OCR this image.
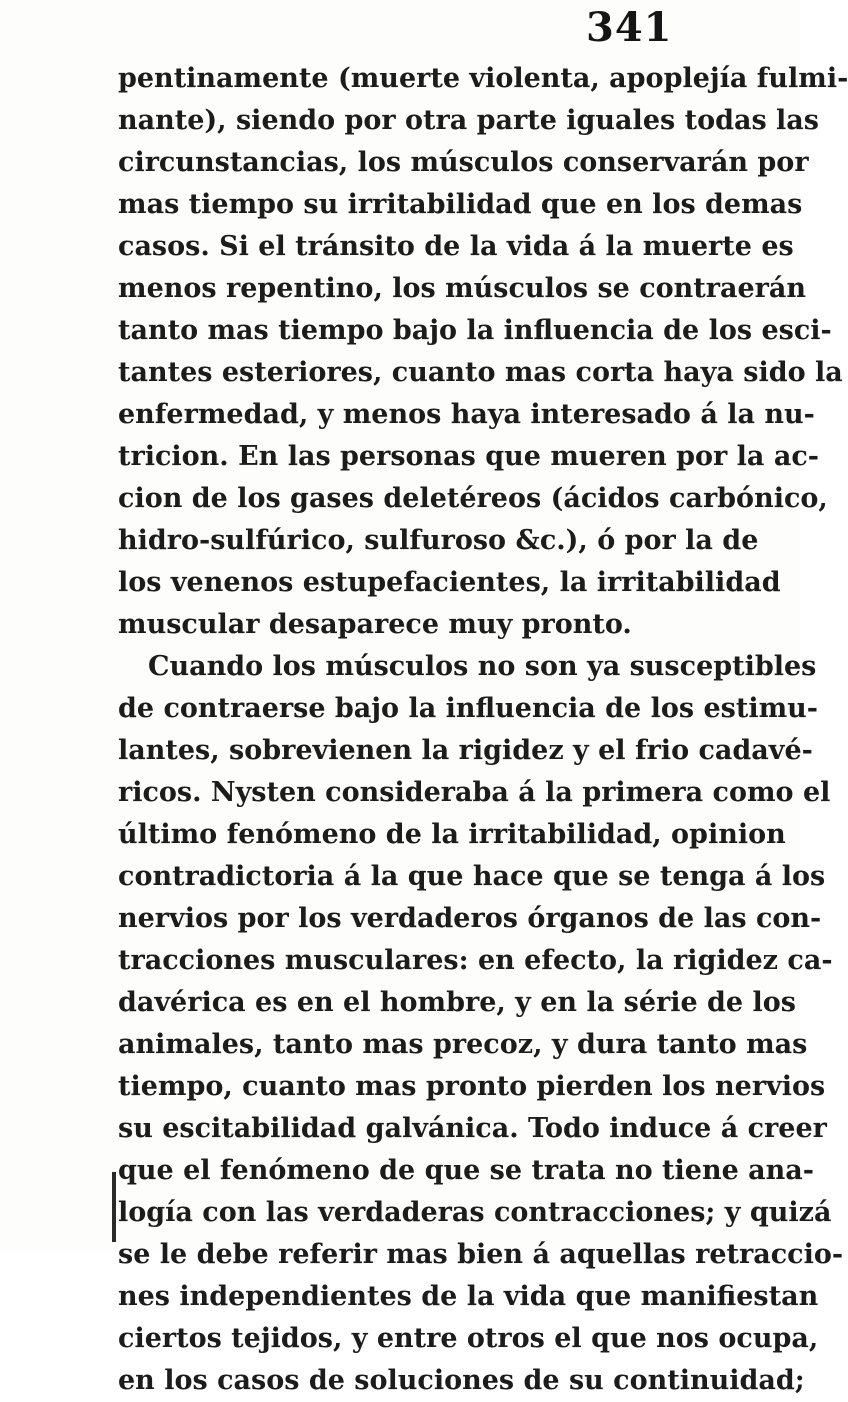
341
pentinamente (muerte violenta, apoplejía fulmi-
nante), siendo por otra parte iguales todas las
circunstancias, los músculos conservarán por
mas tiempo su irritabilidad que en los demas
casos. Si el tránsito de la vida á la muerte es
menos repentino, los músculos se contraerán
tanto mas tiempo bajo la influencia de los esci-
tantes esteriores, cuanto mas corta haya sido la
enfermedad, y menos haya interesado á la nu-
tricion. En las personas que mueren por la ac-
cion de los gases deletéreos (ácidos carbónico,
hidro-sulfúrico, sulfuroso &c.), ó por la de
los venenos estupefacientes, la irritabilidad
muscular desaparece muy pronto.
Cuando los músculos no son ya susceptibles
de contraerse bajo la influencia de los estimu-
lantes, sobrevienen la rigidez y el frio cadavé-
ricos. Nysten consideraba á la primera como el
último fenómeno de la irritabilidad, opinion
contradictoria á la que hace que se tenga á los
nervios por los verdaderos órganos de las con-
tracciones musculares: en efecto, la rigidez ca-
davérica es en el hombre, y en la série de los
animales, tanto mas precoz, y dura tanto mas
tiempo, cuanto mas pronto pierden los nervios
su escitabilidad galvánica. Todo induce á creer
que el fenómeno de que se trata no tiene ana-
logía con las verdaderas contracciones; y quizá
se le debe referir mas bien á aquellas retraccio-
nes independientes de la vida que manifiestan
ciertos tejidos, y entre otros el que nos ocupa,
en los casos de soluciones de su continuidad;
